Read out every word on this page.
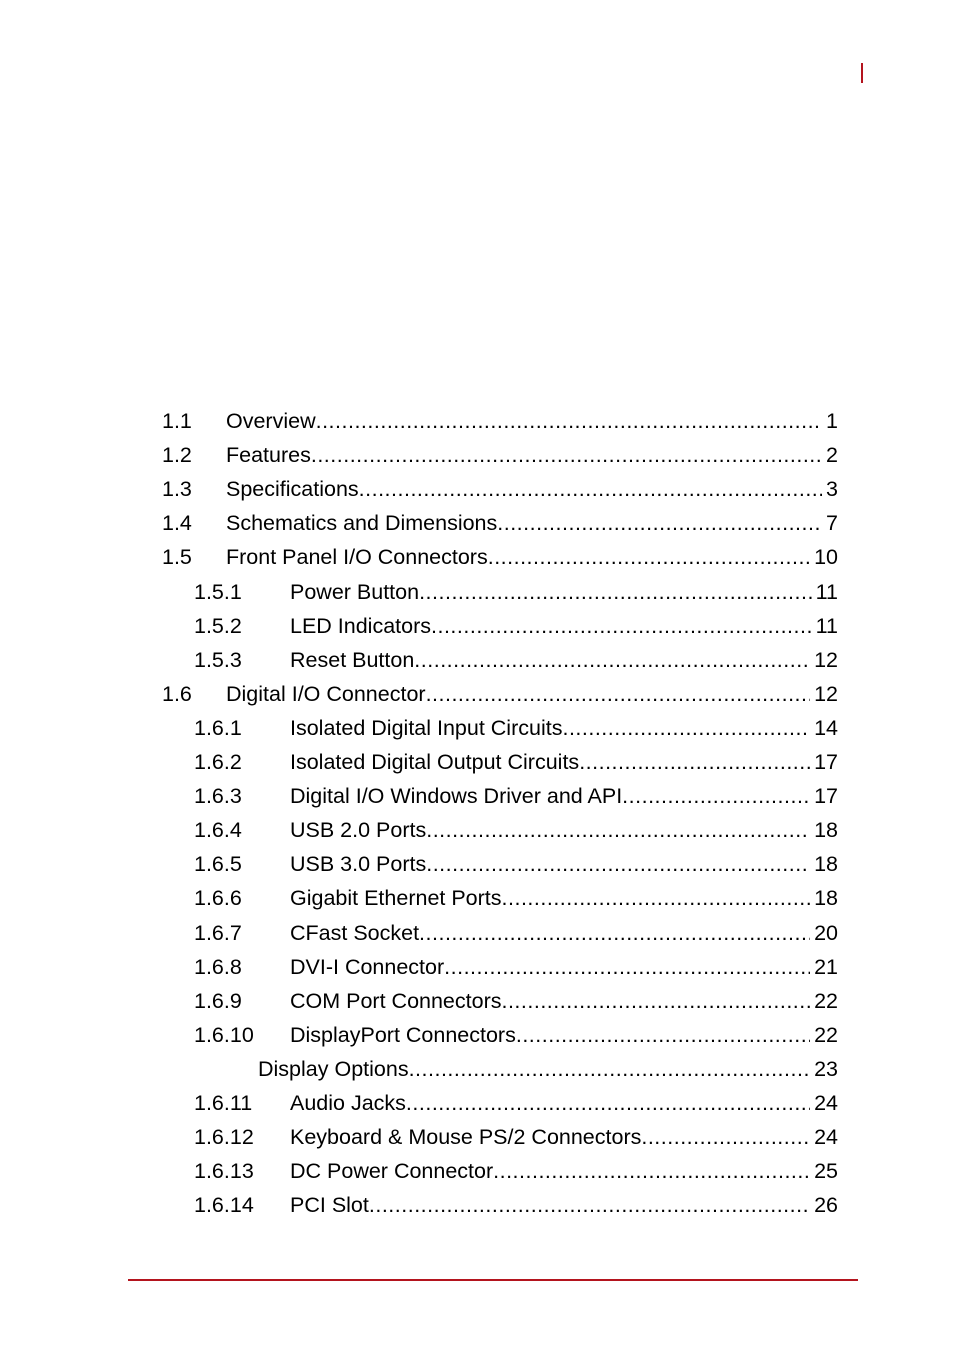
1.1 Overview .....	1
1.2 Features .....	2
1.3 Specifications .....	3
1.4 Schematics and Dimensions .....	7
1.5 Front Panel I/O Connectors .....	10
1.5.1 Power Button .....	11
1.5.2 LED Indicators .....	11
1.5.3 Reset Button .....	12
1.6 Digital I/O Connector .....	12
1.6.1 Isolated Digital Input Circuits .....	14
1.6.2 Isolated Digital Output Circuits .....	17
1.6.3 Digital I/O Windows Driver and API .....	17
1.6.4 USB 2.0 Ports .....	18
1.6.5 USB 3.0 Ports .....	18
1.6.6 Gigabit Ethernet Ports .....	18
1.6.7 CFast Socket .....	20
1.6.8 DVI-I Connector .....	21
1.6.9 COM Port Connectors .....	22
1.6.10 DisplayPort Connectors .....	22
Display Options .....	23
1.6.11 Audio Jacks .....	24
1.6.12 Keyboard & Mouse PS/2 Connectors .....	24
1.6.13 DC Power Connector .....	25
1.6.14 PCI Slot .....	26
